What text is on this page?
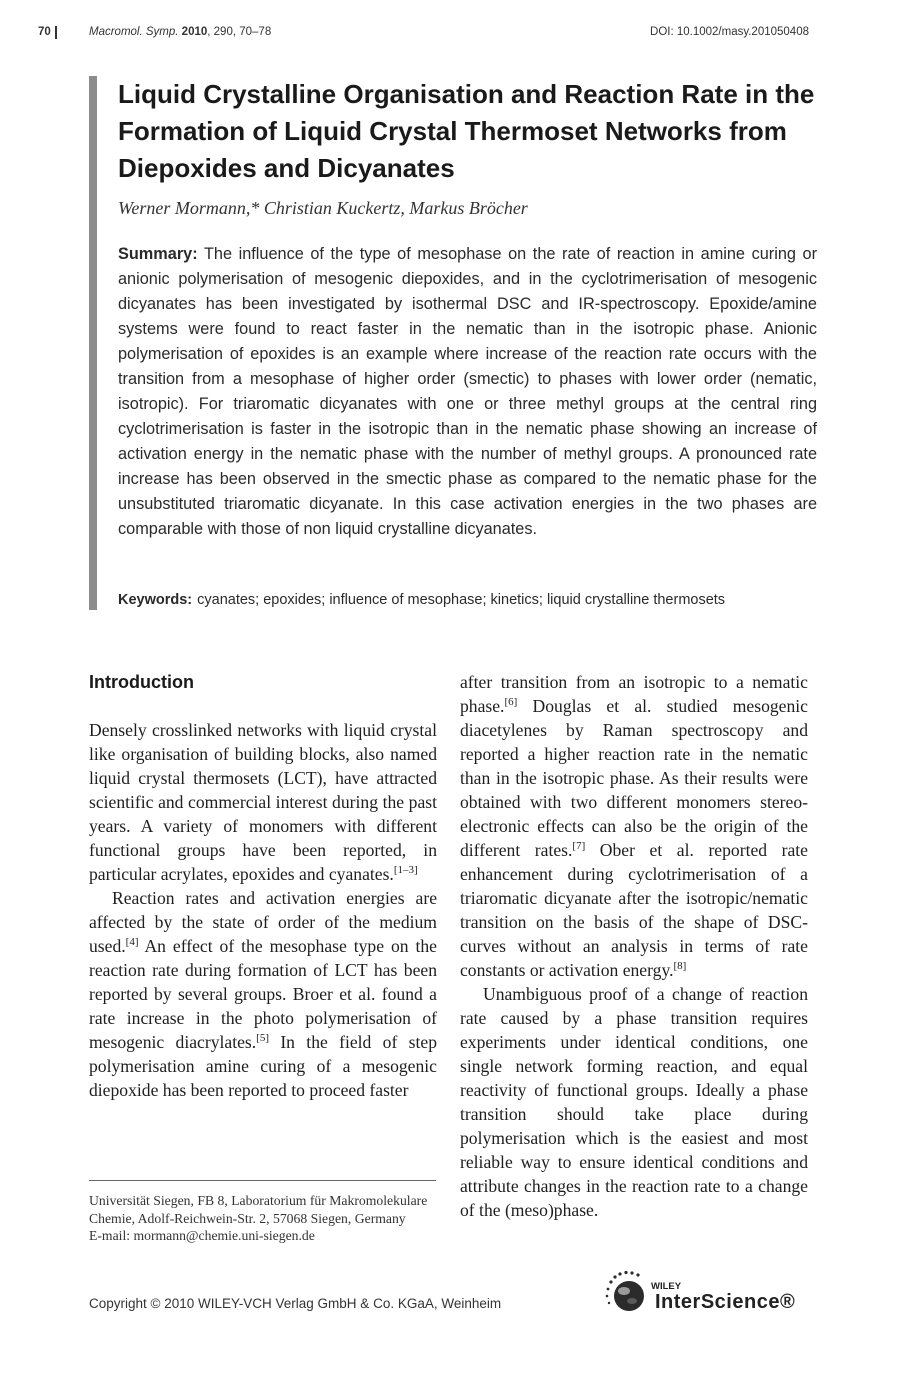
70	Macromol. Symp. 2010, 290, 70–78	DOI: 10.1002/masy.201050408
Liquid Crystalline Organisation and Reaction Rate in the Formation of Liquid Crystal Thermoset Networks from Diepoxides and Dicyanates
Werner Mormann,* Christian Kuckertz, Markus Bröcher

Summary: The influence of the type of mesophase on the rate of reaction in amine curing or anionic polymerisation of mesogenic diepoxides, and in the cyclotrimerisation of mesogenic dicyanates has been investigated by isothermal DSC and IR-spectroscopy. Epoxide/amine systems were found to react faster in the nematic than in the isotropic phase. Anionic polymerisation of epoxides is an example where increase of the reaction rate occurs with the transition from a mesophase of higher order (smectic) to phases with lower order (nematic, isotropic). For triaromatic dicyanates with one or three methyl groups at the central ring cyclotrimerisation is faster in the isotropic than in the nematic phase showing an increase of activation energy in the nematic phase with the number of methyl groups. A pronounced rate increase has been observed in the smectic phase as compared to the nematic phase for the unsubstituted triaromatic dicyanate. In this case activation energies in the two phases are comparable with those of non liquid crystalline dicyanates.

Keywords: cyanates; epoxides; influence of mesophase; kinetics; liquid crystalline thermosets
Introduction

Densely crosslinked networks with liquid crystal like organisation of building blocks, also named liquid crystal thermosets (LCT), have attracted scientific and commercial interest during the past years. A variety of monomers with different functional groups have been reported, in particular acrylates, epoxides and cyanates.[1–3]

Reaction rates and activation energies are affected by the state of order of the medium used.[4] An effect of the mesophase type on the reaction rate during formation of LCT has been reported by several groups. Broer et al. found a rate increase in the photo polymerisation of mesogenic diacrylates.[5] In the field of step polymerisation amine curing of a mesogenic diepoxide has been reported to proceed faster

after transition from an isotropic to a nematic phase.[6] Douglas et al. studied mesogenic diacetylenes by Raman spectroscopy and reported a higher reaction rate in the nematic than in the isotropic phase. As their results were obtained with two different monomers stereo-electronic effects can also be the origin of the different rates.[7] Ober et al. reported rate enhancement during cyclotrimerisation of a triaromatic dicyanate after the isotropic/nematic transition on the basis of the shape of DSC-curves without an analysis in terms of rate constants or activation energy.[8]

Unambiguous proof of a change of reaction rate caused by a phase transition requires experiments under identical conditions, one single network forming reaction, and equal reactivity of functional groups. Ideally a phase transition should take place during polymerisation which is the easiest and most reliable way to ensure identical conditions and attribute changes in the reaction rate to a change of the (meso)phase.

Universität Siegen, FB 8, Laboratorium für Makromolekulare Chemie, Adolf-Reichwein-Str. 2, 57068 Siegen, Germany
E-mail: mormann@chemie.uni-siegen.de

Copyright © 2010 WILEY-VCH Verlag GmbH & Co. KGaA, Weinheim
WILEY
InterScience®
